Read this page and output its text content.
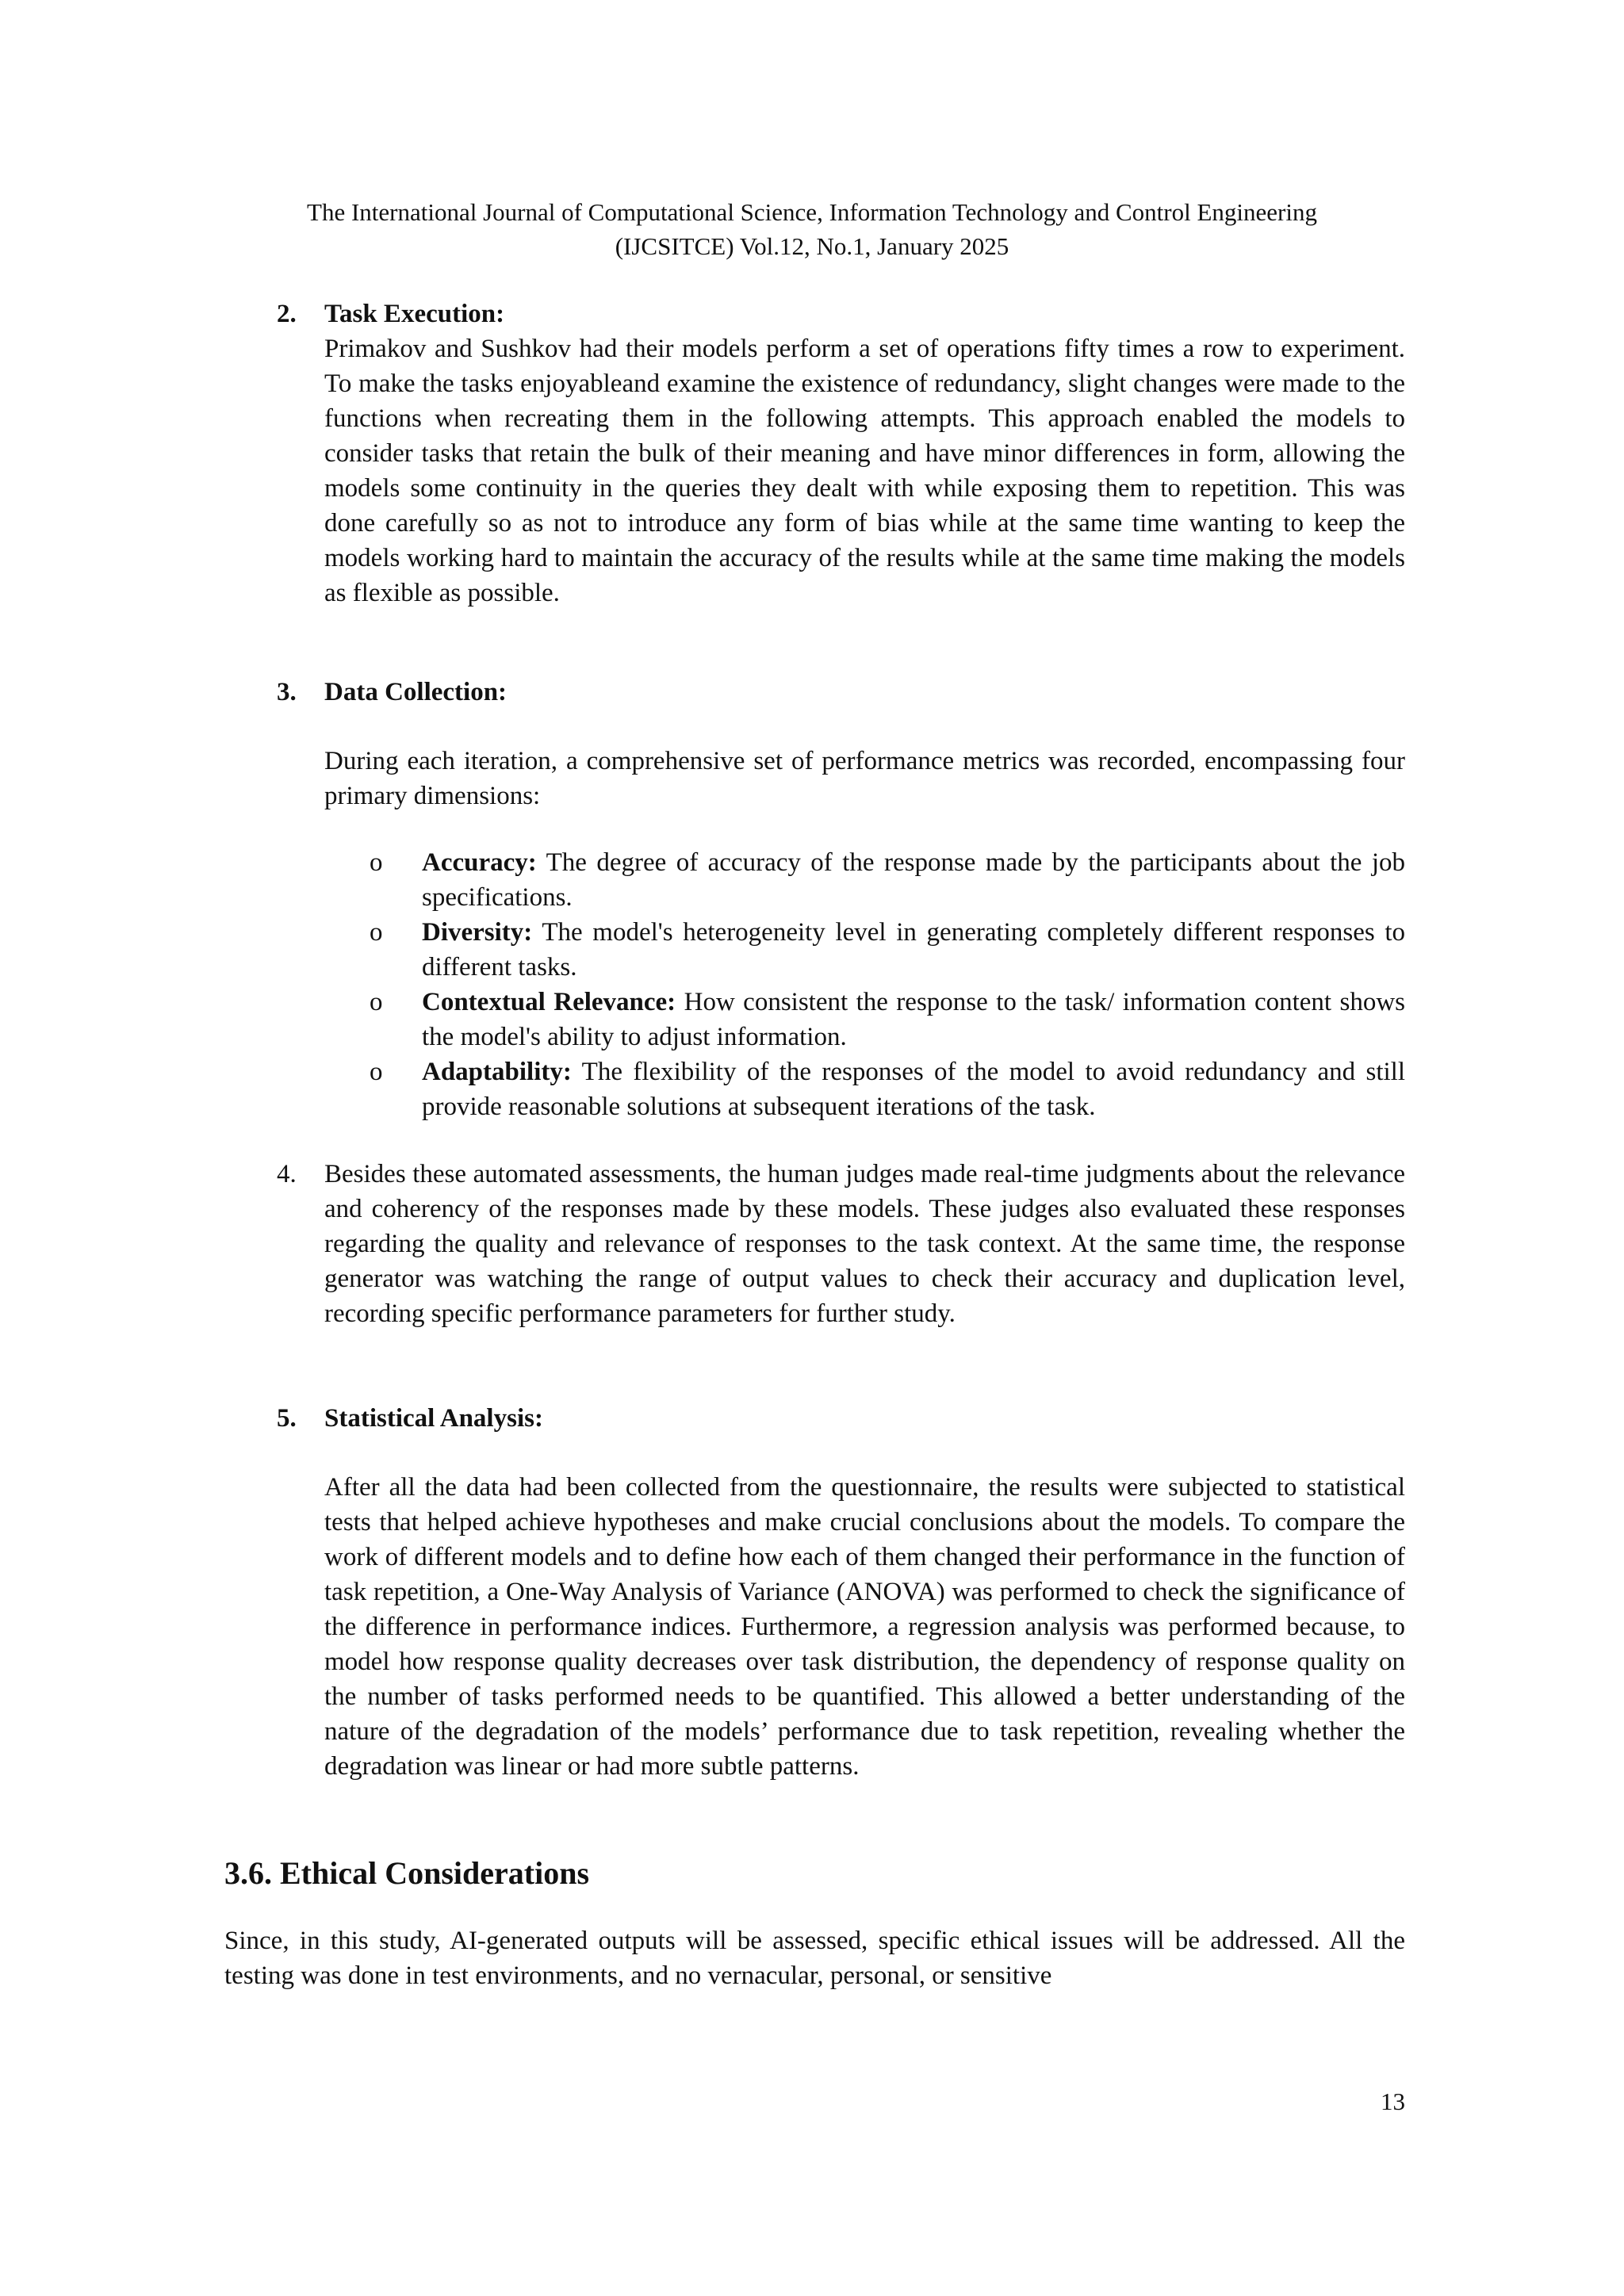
The International Journal of Computational Science, Information Technology and Control Engineering
(IJCSITCE) Vol.12, No.1, January 2025
2.	Task Execution:

Primakov and Sushkov had their models perform a set of operations fifty times a row to experiment. To make the tasks enjoyableand examine the existence of redundancy, slight changes were made to the functions when recreating them in the following attempts. This approach enabled the models to consider tasks that retain the bulk of their meaning and have minor differences in form, allowing the models some continuity in the queries they dealt with while exposing them to repetition. This was done carefully so as not to introduce any form of bias while at the same time wanting to keep the models working hard to maintain the accuracy of the results while at the same time making the models as flexible as possible.

3.	Data Collection:

During each iteration, a comprehensive set of performance metrics was recorded, encompassing four primary dimensions:

o Accuracy: The degree of accuracy of the response made by the participants about the job specifications.
o Diversity: The model's heterogeneity level in generating completely different responses to different tasks.
o Contextual Relevance: How consistent the response to the task/ information content shows the model's ability to adjust information.
o Adaptability: The flexibility of the responses of the model to avoid redundancy and still provide reasonable solutions at subsequent iterations of the task.
4.	Besides these automated assessments, the human judges made real-time judgments about the relevance and coherency of the responses made by these models. These judges also evaluated these responses regarding the quality and relevance of responses to the task context. At the same time, the response generator was watching the range of output values to check their accuracy and duplication level, recording specific performance parameters for further study.

5.	Statistical Analysis:

After all the data had been collected from the questionnaire, the results were subjected to statistical tests that helped achieve hypotheses and make crucial conclusions about the models. To compare the work of different models and to define how each of them changed their performance in the function of task repetition, a One-Way Analysis of Variance (ANOVA) was performed to check the significance of the difference in performance indices. Furthermore, a regression analysis was performed because, to model how response quality decreases over task distribution, the dependency of response quality on the number of tasks performed needs to be quantified. This allowed a better understanding of the nature of the degradation of the models’ performance due to task repetition, revealing whether the degradation was linear or had more subtle patterns.

3.6. Ethical Considerations

Since, in this study, AI-generated outputs will be assessed, specific ethical issues will be addressed. All the testing was done in test environments, and no vernacular, personal, or sensitive

13
